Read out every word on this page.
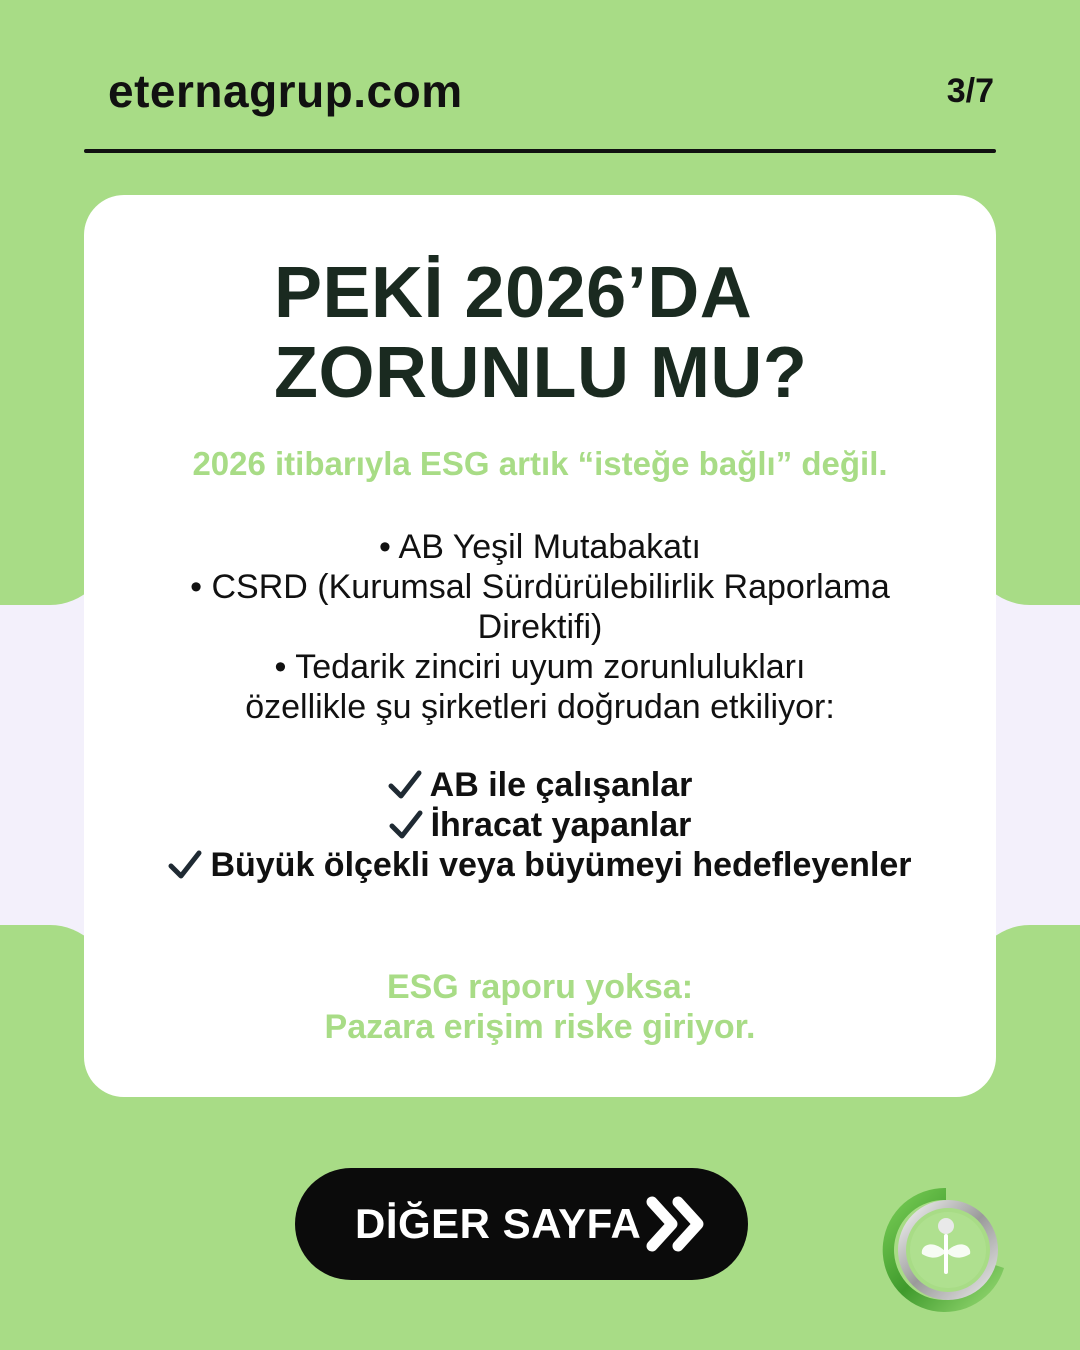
eternagrup.com	3/7
PEKİ 2026’DA
ZORUNLU MU?
2026 itibarıyla ESG artık “isteğe bağlı” değil.
• AB Yeşil Mutabakatı
• CSRD (Kurumsal Sürdürülebilirlik Raporlama
Direktifi)
• Tedarik zinciri uyum zorunlulukları
özellikle şu şirketleri doğrudan etkiliyor:
AB ile çalışanlar
İhracat yapanlar
Büyük ölçekli veya büyümeyi hedefleyenler
ESG raporu yoksa:
Pazara erişim riske giriyor.
DİĞER SAYFA
